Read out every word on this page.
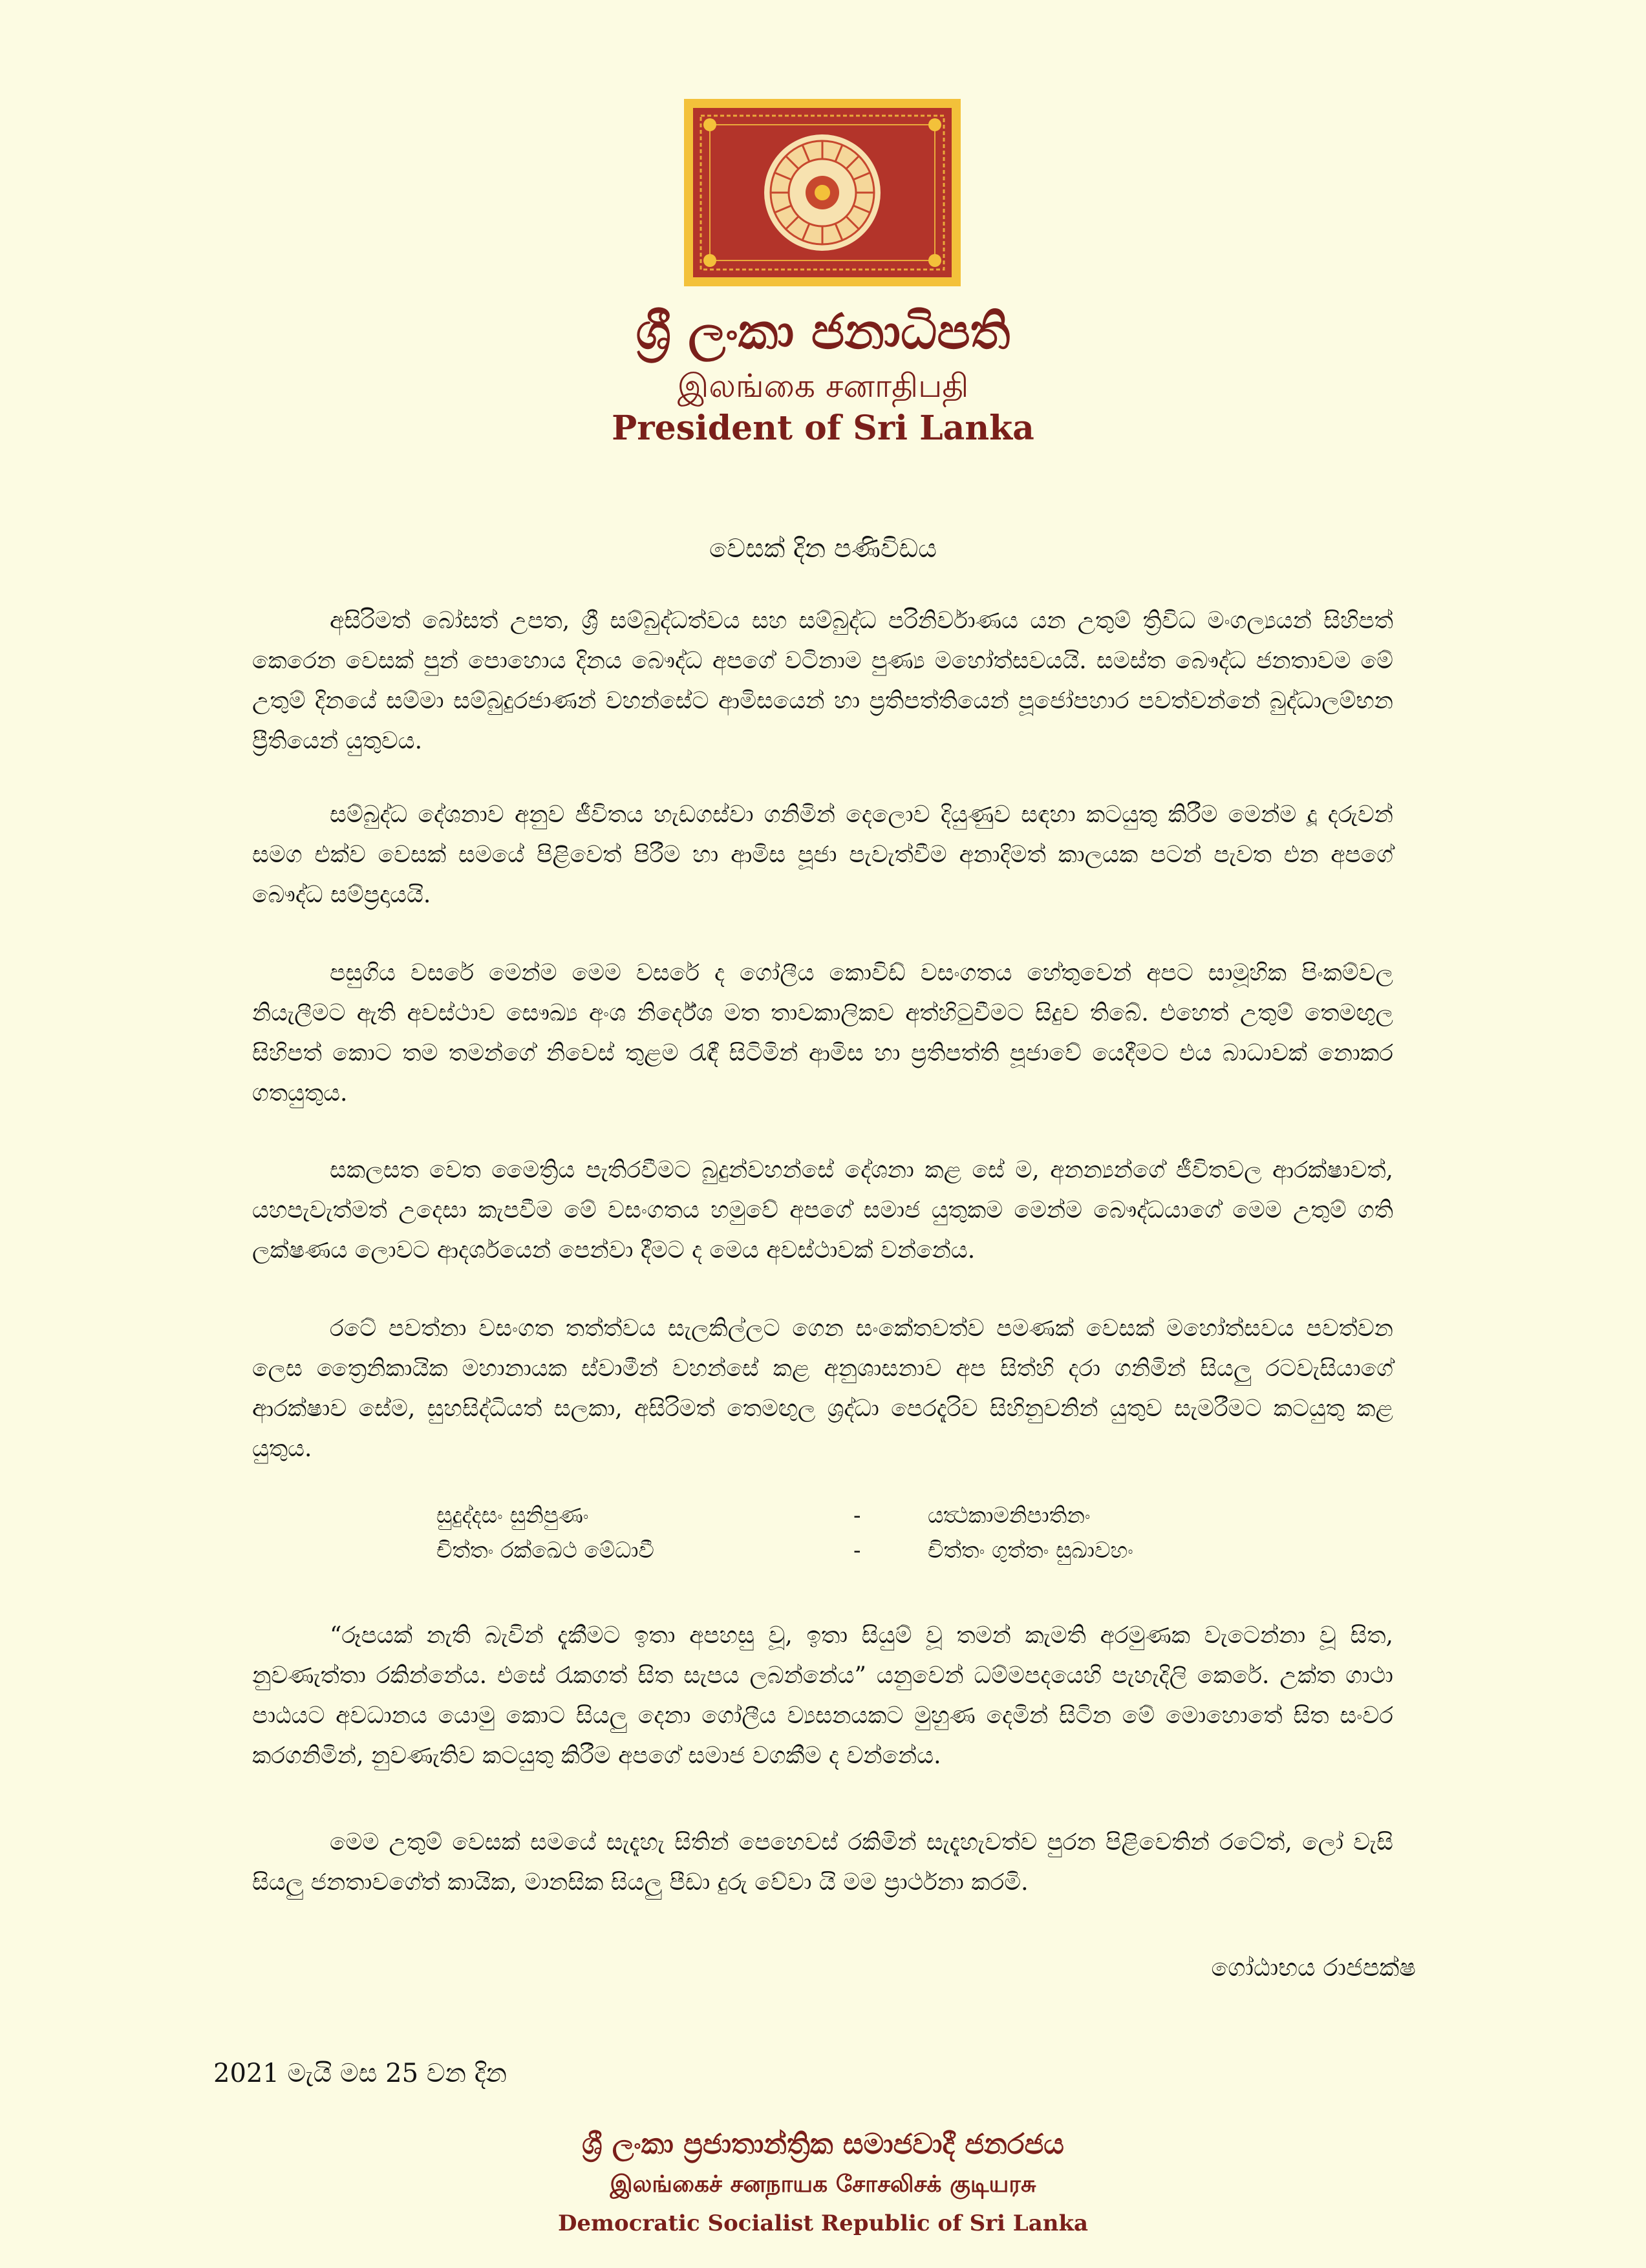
ශ්‍රී ලංකා ජනාධිපති
இலங்கை சனாதிபதி
President of Sri Lanka
වෙසක් දින පණිවිඩය

අසිරිමත් බෝසත් උපත, ශ්‍රී සම්බුද්ධත්වය සහ සම්බුද්ධ පරිනිර්වාණය යන උතුම් ත්‍රිවිධ මංගල්‍යයන් සිහිපත් කෙරෙන වෙසක් පුන් පොහොය දිනය බෞද්ධ අපගේ වටිනාම පුණ්‍ය මහෝත්සවයයි. සමස්ත බෞද්ධ ජනතාවම මේ උතුම් දිනයේ සම්මා සම්බුදුරජාණන් වහන්සේට ආමිසයෙන් හා ප්‍රතිපත්තියෙන් පූජෝපහාර පවත්වන්නේ බුද්ධාලම්භන ප්‍රීතියෙන් යුතුවය.

සම්බුද්ධ දේශනාව අනුව ජීවිතය හැඩගස්වා ගනිමින් දෙලොව දියුණුව සඳහා කටයුතු කිරීම මෙන්ම දූ දරුවන් සමග එක්ව වෙසක් සමයේ පිළිවෙත් පිරීම හා ආමිස පූජා පැවැත්වීම අනාදිමත් කාලයක පටන් පැවත එන අපගේ බෞද්ධ සම්ප්‍රදායයි.

පසුගිය වසරේ මෙන්ම මෙම වසරේ ද ගෝලීය කොවිඩ් වසංගතය හේතුවෙන් අපට සාමූහික පිංකම්වල නියැලීමට ඇති අවස්ථාව සෞඛ්‍ය අංශ නිර්දේශ මත තාවකාලිකව අත්හිටුවීමට සිදුව තිබේ. එහෙත් උතුම් තෙමඟුල සිහිපත් කොට තම තමන්ගේ නිවෙස් තුළම රැඳී සිටිමින් ආමිස හා ප්‍රතිපත්ති පූජාවේ යෙදීමට එය බාධාවක් නොකර ගතයුතුය.

සකලසත වෙත මෛත්‍රිය පැතිරවීමට බුදුන්වහන්සේ දේශනා කළ සේ ම, අනන්‍යන්ගේ ජීවිතවල ආරක්ෂාවත්, යහපැවැත්මත් උදෙසා කැපවීම මේ වසංගතය හමුවේ අපගේ සමාජ යුතුකම මෙන්ම බෞද්ධයාගේ මෙම උතුම් ගති ලක්ෂණය ලොවට ආදර්ශයෙන් පෙන්වා දීමට ද මෙය අවස්ථාවක් වන්නේය.

රටේ පවත්නා වසංගත තත්ත්වය සැලකිල්ලට ගෙන සංකේතවත්ව පමණක් වෙසක් මහෝත්සවය පවත්වන ලෙස ත්‍රෛනිකායික මහානායක ස්වාමීන් වහන්සේ කළ අනුශාසනාව අප සිත්හි දරා ගනිමින් සියලු රටවැසියාගේ ආරක්ෂාව සේම, සුහසිද්ධියත් සලකා, අසිරිමත් තෙමඟුල ශ්‍රද්ධා පෙරදැරිව සිහිනුවනින් යුතුව සැමරීමට කටයුතු කළ යුතුය.

සුදුද්දසං සුනිපුණං	-	යත්‍ථකාමනිපාතිනං
චිත්තං රක්ඛෙථ මේධාවී	-	චිත්තං ගුත්තං සුඛාවහං

“රූපයක් නැති බැවින් දැකීමට ඉතා අපහසු වූ, ඉතා සියුම් වූ තමන් කැමති අරමුණක වැටෙන්නා වූ සිත, නුවණැත්තා රකින්නේය. එසේ රැකගත් සිත සැපය ලබන්නේය” යනුවෙන් ධම්මපදයෙහි පැහැදිලි කෙරේ. උක්ත ගාථා පාඨයට අවධානය යොමු කොට සියලු දෙනා ගෝලීය ව්‍යසනයකට මුහුණ දෙමින් සිටින මේ මොහොතේ සිත සංවර කරගනිමින්, නුවණැතිව කටයුතු කිරීම අපගේ සමාජ වගකීම ද වන්නේය.

මෙම උතුම් වෙසක් සමයේ සැදැහැ සිතින් පෙහෙවස් රකිමින් සැදැහැවත්ව පුරන පිළිවෙතින් රටේත්, ලෝ වැසි සියලු ජනතාවගේත් කායික, මානසික සියලු පීඩා දුරු වේවා යි මම ප්‍රාර්ථනා කරමි.

ගෝඨාභය රාජපක්ෂ
2021 මැයි මස 25 වන දින
ශ්‍රී ලංකා ප්‍රජාතාන්ත්‍රික සමාජවාදී ජනරජය
இலங்கைச் சனநாயக சோசலிசக் குடியரசு
Democratic Socialist Republic of Sri Lanka
